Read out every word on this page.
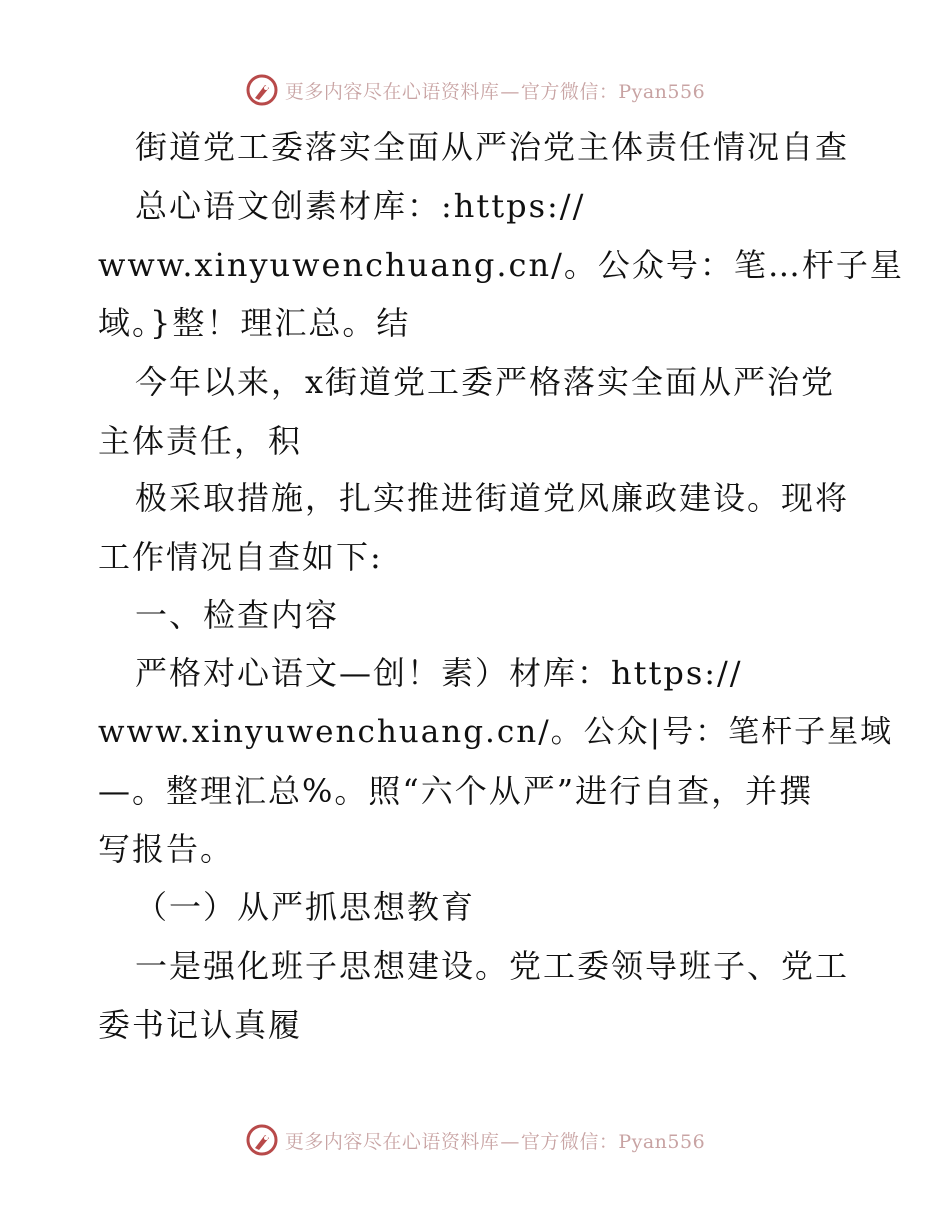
更多内容尽在心语资料库—官方微信：Pyan556
街道党工委落实全面从严治党主体责任情况自查
总心语文创素材库：:https://
www.xinyuwenchuang.cn/。公众号：笔…杆子星
域。}整！理汇总。结
今年以来，x街道党工委严格落实全面从严治党
主体责任，积
极采取措施，扎实推进街道党风廉政建设。现将
工作情况自查如下:
一、检查内容
严格对心语文—创！素）材库：https://
www.xinyuwenchuang.cn/。公众|号：笔杆子星域
—。整理汇总%。照“六个从严”进行自查，并撰
写报告。
（一）从严抓思想教育
一是强化班子思想建设。党工委领导班子、党工
委书记认真履
更多内容尽在心语资料库—官方微信：Pyan556
